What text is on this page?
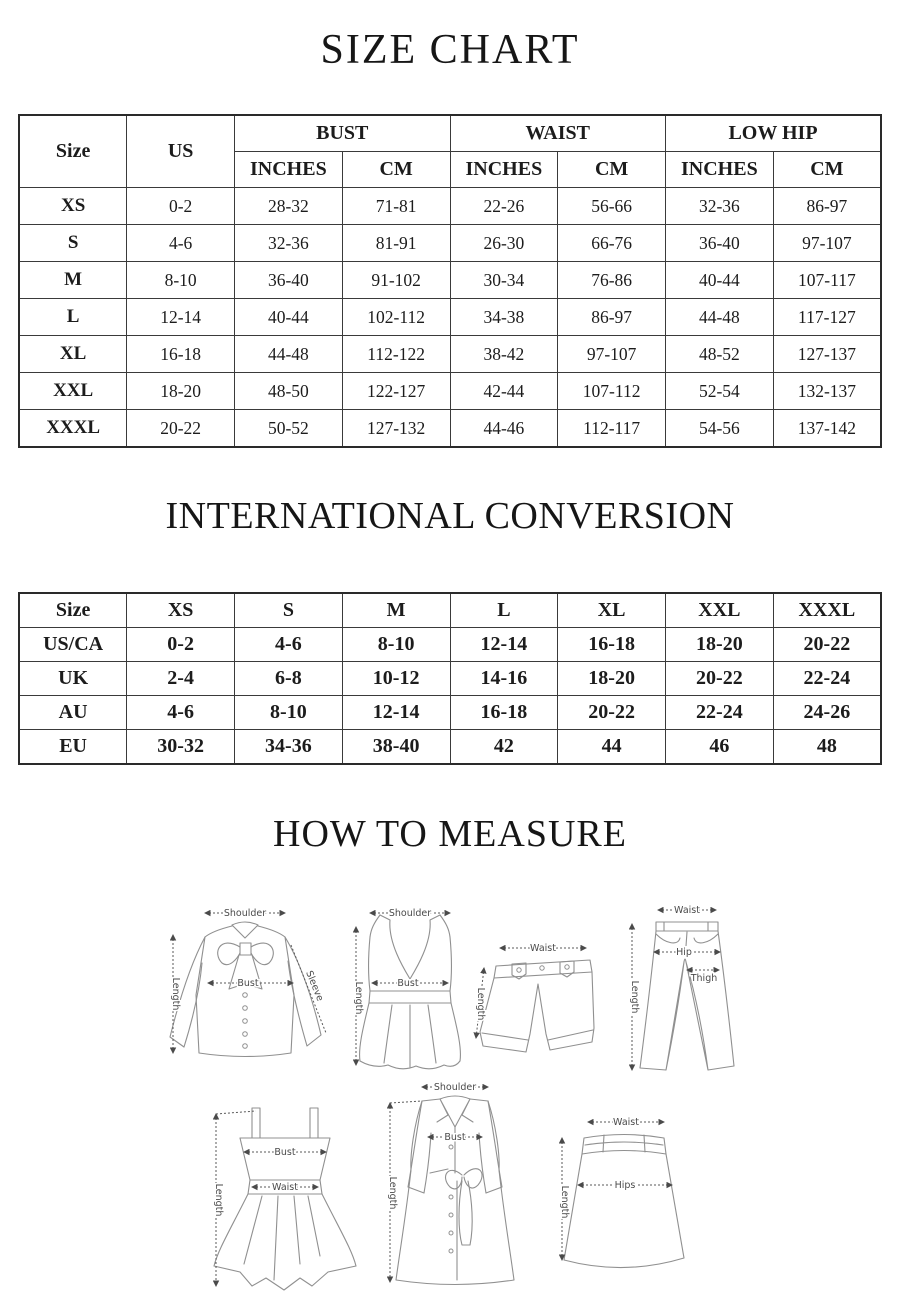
SIZE CHART
Size	US	BUST		WAIST		LOW HIP	
		INCHES	CM	INCHES	CM	INCHES	CM
XS	0-2	28-32	71-81	22-26	56-66	32-36	86-97
S	4-6	32-36	81-91	26-30	66-76	36-40	97-107
M	8-10	36-40	91-102	30-34	76-86	40-44	107-117
L	12-14	40-44	102-112	34-38	86-97	44-48	117-127
XL	16-18	44-48	112-122	38-42	97-107	48-52	127-137
XXL	18-20	48-50	122-127	42-44	107-112	52-54	132-137
XXXL	20-22	50-52	127-132	44-46	112-117	54-56	137-142
INTERNATIONAL CONVERSION
Size	XS	S	M	L	XL	XXL	XXXL
US/CA	0-2	4-6	8-10	12-14	16-18	18-20	20-22
UK	2-4	6-8	10-12	14-16	18-20	20-22	22-24
AU	4-6	8-10	12-14	16-18	20-22	22-24	24-26
EU	30-32	34-36	38-40	42	44	46	48
HOW TO MEASURE
Shoulder
Bust
Length	Sleeve
Shoulder
Bust
Length
Waist
Length
Waist
Hip
Thigh
Length
Bust
Waist
Length
Shoulder
Bust
Length
Waist
Hips
Length
